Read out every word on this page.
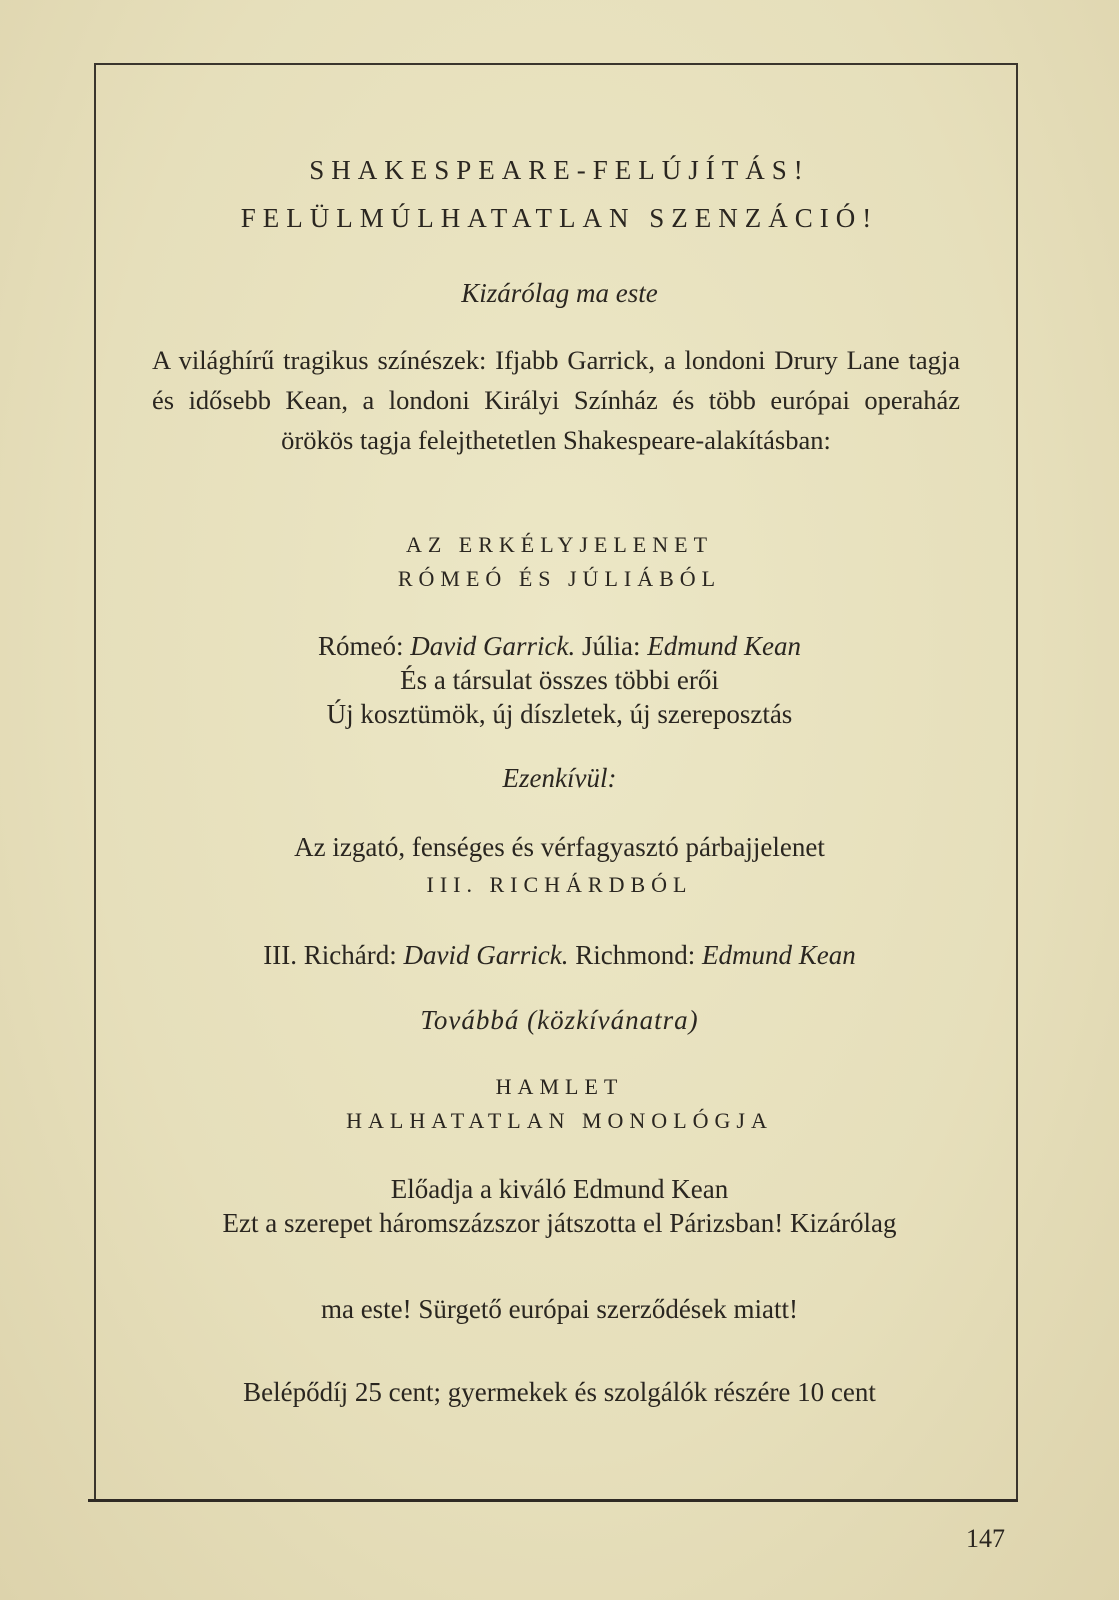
SHAKESPEARE-FELÚJÍTÁS!
FELÜLMÚLHATATLAN SZENZÁCIÓ!
Kizárólag ma este
A világhírű tragikus színészek: Ifjabb Garrick, a londoni Drury Lane tagja és idősebb Kean, a londoni Királyi Színház és több európai operaház örökös tagja felejthetetlen Shakespeare-alakításban:
AZ ERKÉLYJELENET
RÓMEÓ ÉS JÚLIÁBÓL
Rómeó: David Garrick. Júlia: Edmund Kean
És a társulat összes többi erői
Új kosztümök, új díszletek, új szereposztás
Ezenkívül:
Az izgató, fenséges és vérfagyasztó párbajjelenet
III. RICHÁRDBÓL
III. Richárd: David Garrick. Richmond: Edmund Kean
Továbbá (közkívánatra)
HAMLET
HALHATATLAN MONOLÓGJA
Előadja a kiváló Edmund Kean
Ezt a szerepet háromszázszor játszotta el Párizsban! Kizárólag
ma este! Sürgető európai szerződések miatt!
Belépődíj 25 cent; gyermekek és szolgálók részére 10 cent
147
